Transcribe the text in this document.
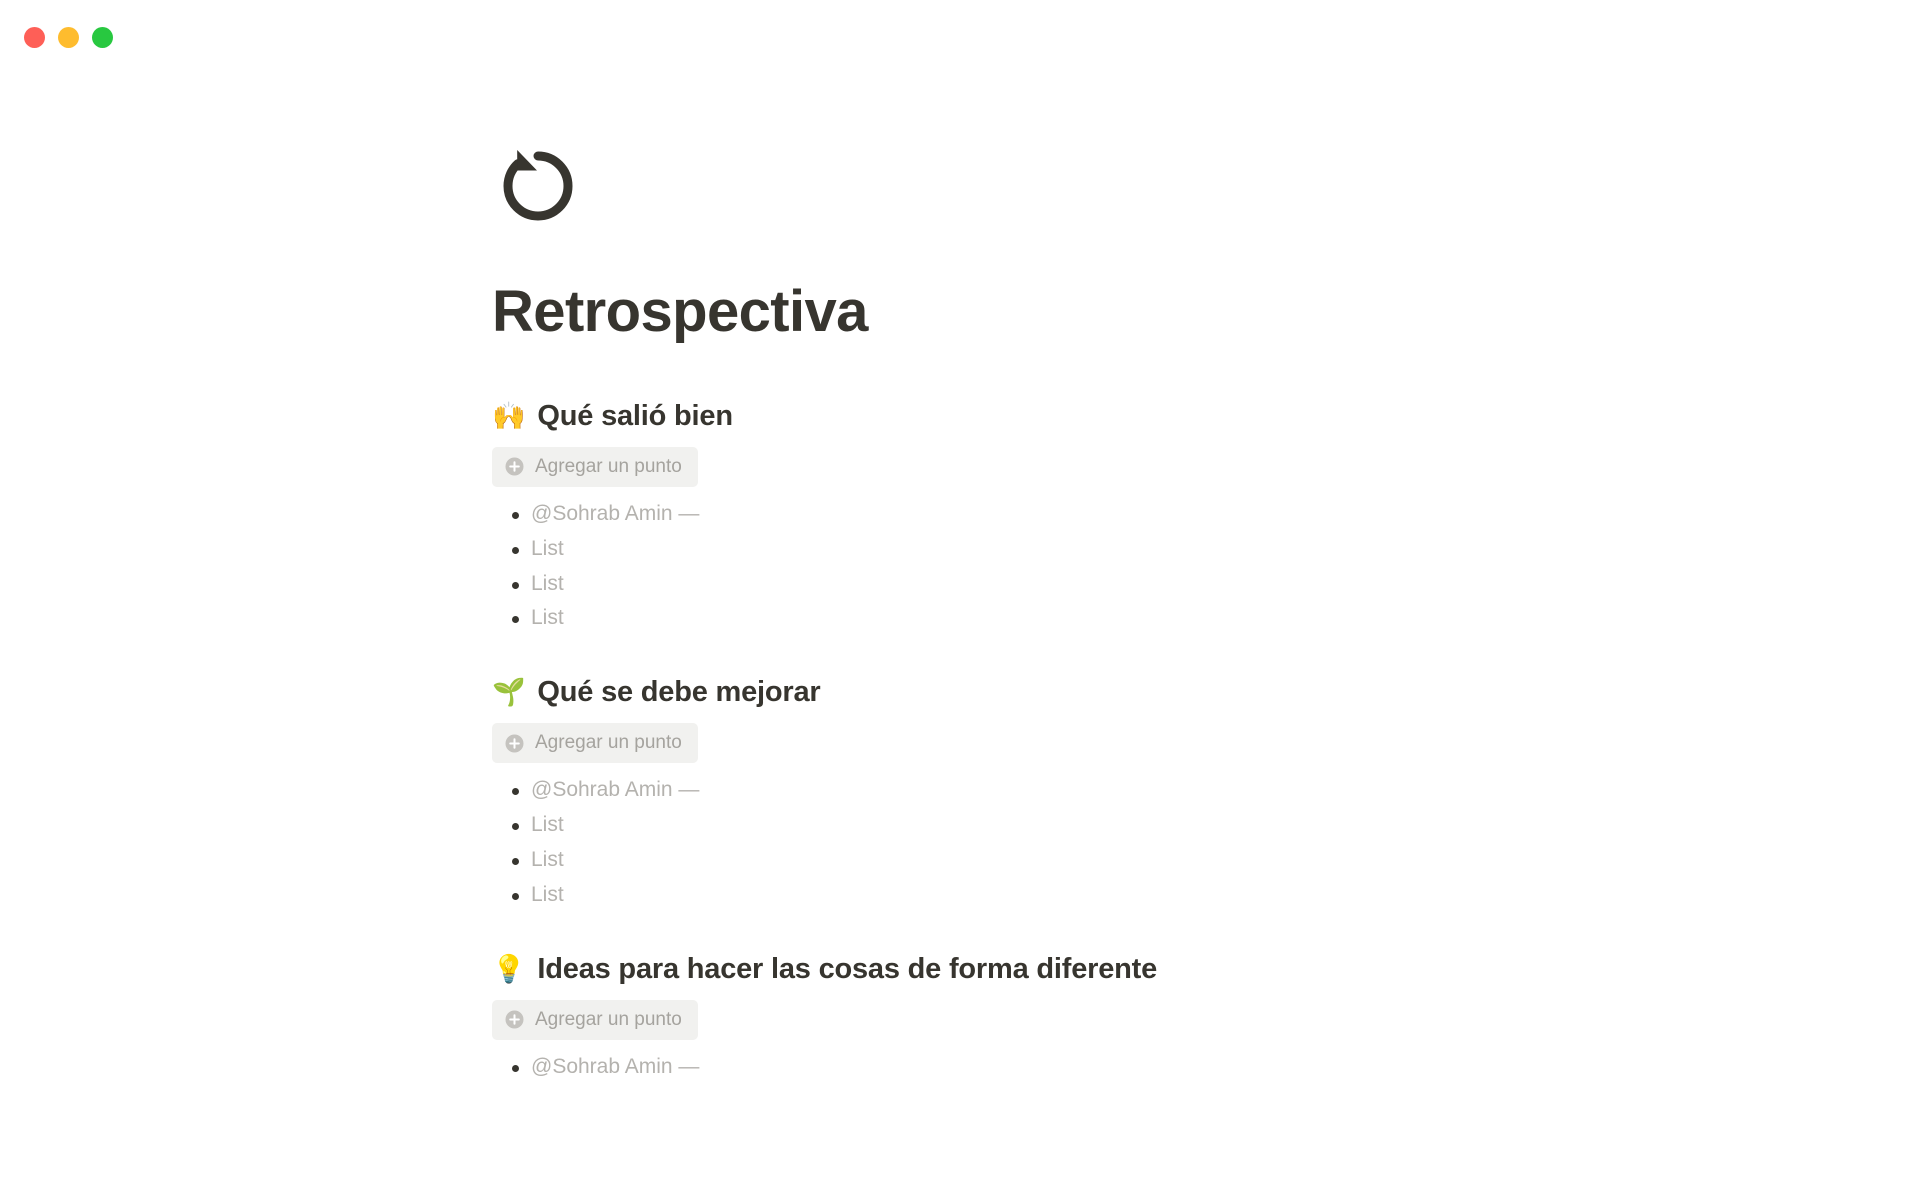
Retrospectiva
🙌 Qué salió bien
Agregar un punto
@Sohrab Amin —
List
List
List
🌱 Qué se debe mejorar
Agregar un punto
@Sohrab Amin —
List
List
List
💡 Ideas para hacer las cosas de forma diferente
Agregar un punto
@Sohrab Amin —
